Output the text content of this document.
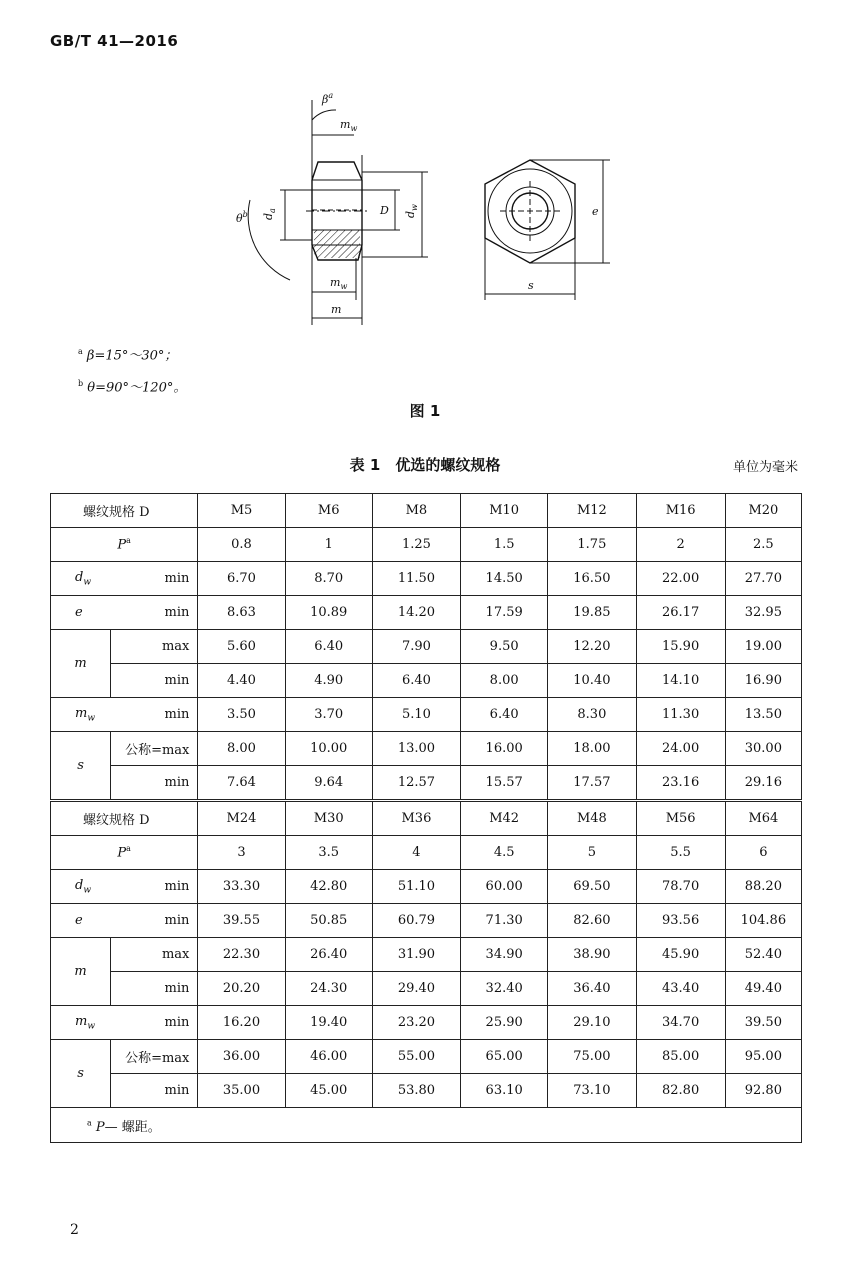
GB/T 41—2016
m
$m_w$
$\beta^a$
$m_w$
$d_a$	D $d_w$
$\theta^b$	e
s
$^a$ β=15°～30°；
$^b$ θ=90°～120°。
图 1
表 1　优选的螺纹规格	单位为毫米
螺纹规格 D		M5	M6	M8	M10	M12	M16	M20
$P^a$		0.8	1	1.25	1.5	1.75	2	2.5
$d_w$ min		6.70	8.70	11.50	14.50	16.50	22.00	27.70
e min		8.63	10.89	14.20	17.59	19.85	26.17	32.95
m	max	5.60	6.40	7.90	9.50	12.20	15.90	19.00
	min	4.40	4.90	6.40	8.00	10.40	14.10	16.90
$m_w$ min		3.50	3.70	5.10	6.40	8.30	11.30	13.50
s	公称=max	8.00	10.00	13.00	16.00	18.00	24.00	30.00
	min	7.64	9.64	12.57	15.57	17.57	23.16	29.16
螺纹规格 D		M24	M30	M36	M42	M48	M56	M64
$P^a$		3	3.5	4	4.5	5	5.5	6
$d_w$ min		33.30	42.80	51.10	60.00	69.50	78.70	88.20
e min		39.55	50.85	60.79	71.30	82.60	93.56	104.86
m	max	22.30	26.40	31.90	34.90	38.90	45.90	52.40
	min	20.20	24.30	29.40	32.40	36.40	43.40	49.40
$m_w$ min		16.20	19.40	23.20	25.90	29.10	34.70	39.50
s	公称=max	36.00	46.00	55.00	65.00	75.00	85.00	95.00
	min	35.00	45.00	53.80	63.10	73.10	82.80	92.80
$^a$ P— 螺距。								
2
